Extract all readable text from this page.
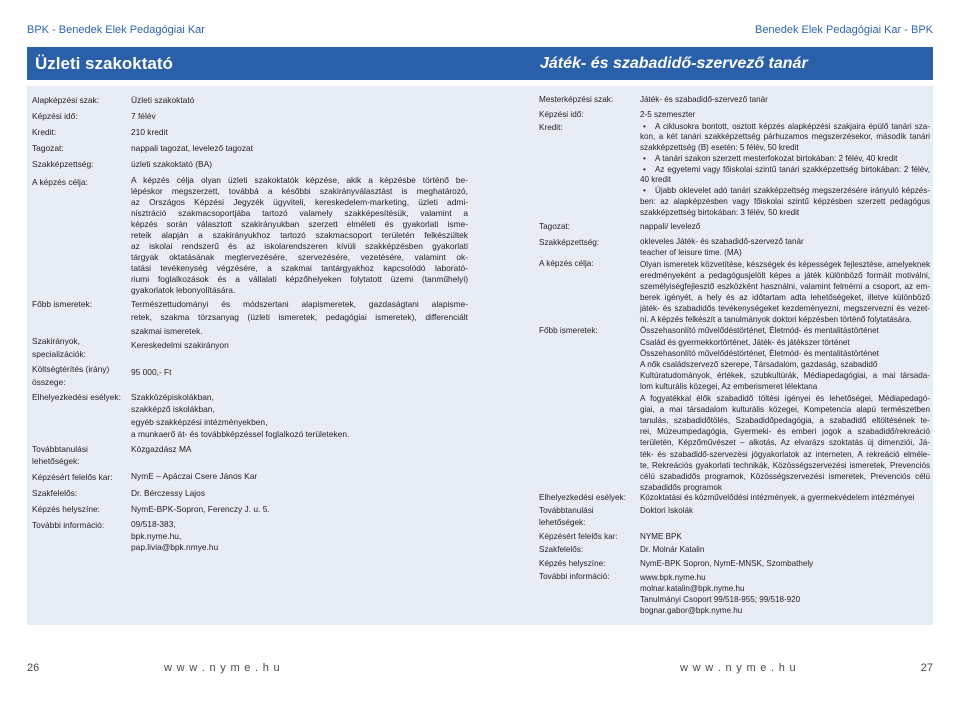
BPK - Benedek Elek Pedagógiai Kar	Benedek Elek Pedagógiai Kar - BPK
Üzleti szakoktató	Játék- és szabadidő-szervező tanár
Alapképzési szak:	Üzleti szakoktató
Képzési idő:	7 félév
Kredit:	210 kredit
Tagozat:	nappali tagozat, levelező tagozat
Szakképzettség:	üzleti szakoktató (BA)
A képzés célja:	A képzés célja olyan üzleti szakoktatók képzése, akik a képzésbe történő be-
lépéskor megszerzett, továbbá a későbbi szakirányválasztást is meghatározó,
az Országos Képzési Jegyzék ügyviteli, kereskedelem-marketing, üzleti admi-
nisztráció szakmacsoportjába tartozó valamely szakképesítésük, valamint a
képzés során választott szakirányukban szerzett elméleti és gyakorlati isme-
reteik alapján a szakirányukhoz tartozó szakmacsoport területén felkészültek
az iskolai rendszerű és az iskolarendszeren kívüli szakképzésben gyakorlati
tárgyak oktatásának megtervezésére, szervezésére, vezetésére, valamint ok-
tatási tevékenység végzésére, a szakmai tantárgyakhoz kapcsolódó laborató-
riumi foglalkozások és a vállalati képzőhelyeken folytatott üzemi (tanműhelyi)
gyakorlatok lebonyolítására.
Főbb ismeretek:	Természettudományi és módszertani alapismeretek, gazdaságtani alapisme-
retek, szakma törzsanyag (üzleti ismeretek, pedagógiai ismeretek), differenciált
szakmai ismeretek.
Szakirányok,
specializációk:
Kereskedelmi szakirányon
Költségtérítés (irány)
összege:
95 000,- Ft
Elhelyezkedési esélyek: Szakközépiskolákban,
szakképző iskolákban,
egyéb szakképzési intézményekben,
a munkaerő át- és továbbképzéssel foglalkozó területeken.
Továbbtanulási
lehetőségek:
Közgazdász MA
Képzésért felelős kar: NymE – Apáczai Csere János Kar
Szakfelelős:	Dr. Bérczessy Lajos
Képzés helyszíne:	NymE-BPK-Sopron, Ferenczy J. u. 5.
További információ:	09/518-383,
bpk.nyme.hu,
pap.livia@bpk.nmye.hu
Mesterképzési szak:	Játék- és szabadidő-szervező tanár
Képzési idő:	2-5 szemeszter
Kredit:
•	A ciklusokra bontott, osztott képzés alapképzési szakjaira épülő tanári sza-
kon, a két tanári szakképzettség párhuzamos megszerzésekor, második tanári
szakképzettség (B) esetén: 5 félév, 50 kredit
• A tanári szakon szerzett mesterfokozat birtokában: 2 félév, 40 kredit
• Az egyetemi vagy főiskolai szintű tanári szakképzettség birtokában: 2 félév,
40 kredit
• Újabb oklevelet adó tanári szakképzettség megszerzésére irányuló képzés-
ben: az alapképzésben vagy főiskolai szintű képzésben szerzett pedagógus
szakképzettség birtokában: 3 félév, 50 kredit
Tagozat:	nappali/ levelező
Szakképzettség:	okleveles Játék- és szabadidő-szervező tanár
teacher of leisure time. (MA)
A képzés célja:	Olyan ismeretek közvetítése, készségek és képességek fejlesztése, amelyeknek
eredményeként a pedagógusjelölt képes a játék különböző formáit motiválni,
személyiségfejlesztő eszközként használni, valamint felmérni a csoport, az em-
berek igényét, a hely és az időtartam adta lehetőségeket, illetve különböző
játék- és szabadidős tevékenységeket kezdeményezni, megszervezni és vezet-
ni. A képzés felkészít a tanulmányok doktori képzésben történő folytatására.
Főbb ismeretek:	Összehasonlító művelődéstörténet, Életmód- és mentalitástörténet
Család és gyermekkortörténet, Játék- és játékszer történet
Összehasonlító művelődéstörténet, Életmód- és mentalitástörténet
A nők családszervező szerepe, Társadalom, gazdaság, szabadidő
Kultúratudományok, értékek, szubkultúrák, Médiapedagógiai, a mai társada-
lom kulturális közegei, Az emberismeret lélektana
A fogyatékkal élők szabadidő töltési igényei és lehetőségei, Médiapedagó-
giai, a mai társadalom kulturális közegei, Kompetencia alapú természetben
tanulás, szabadidőtölés, Szabadidőpedagógia, a szabadidő eltöltésének te-
rei, Múzeumpedagógia, Gyermeki- és emberi jogok a szabadidő/rekreáció
területén, Képzőművészet – alkotás, Az elvarázs szoktatás új dimenziói, Já-
ték- és szabadidő-szervezési jógyakorlatok az interneten, A rekreáció elméle-
te, Rekreációs gyakorlati technikák, Közösségszervezési ismeretek, Prevenciós
célú szabadidős programok, Közösségszervezési ismeretek, Prevenciós célú
szabadidős programok
Elhelyezkedési esélyek: Közoktatási és közművelődési intézmények, a gyermekvédelem intézményei
Továbbtanulási
lehetőségek:
Doktori Iskolák
Képzésért felelős kar:	NYME BPK
Szakfelelős:	Dr. Molnár Katalin
Képzés helyszíne:	NymE-BPK Sopron, NymE-MNSK, Szombathely
További információ:	www.bpk.nyme.hu
molnar.katalin@bpk.nyme.hu
Tanulmányi Csoport 99/518-955; 99/518-920
bognar.gabor@bpk.nyme.hu
26	w w w . n y m e . h u	w w w . n y m e . h u	27
